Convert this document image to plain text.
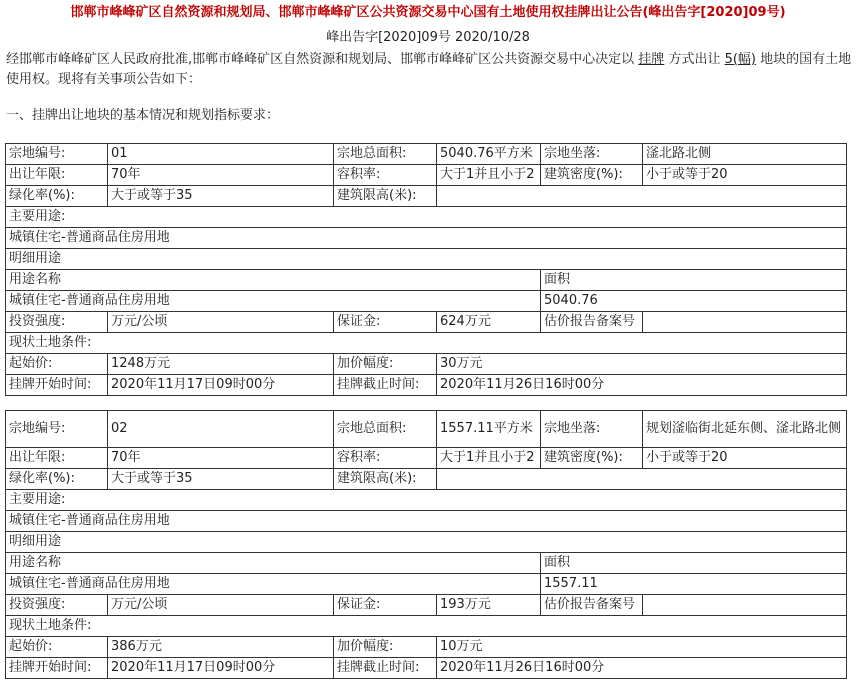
邯郸市峰峰矿区自然资源和规划局、邯郸市峰峰矿区公共资源交易中心国有土地使用权挂牌出让公告(峰出告字[2020]09号)
峰出告字[2020]09号 2020/10/28
经邯郸市峰峰矿区人民政府批准,邯郸市峰峰矿区自然资源和规划局、邯郸市峰峰矿区公共资源交易中心决定以 挂牌 方式出让 5(幅) 地块的国有土地使用权。现将有关事项公告如下：
一、挂牌出让地块的基本情况和规划指标要求：
宗地编号:	01	宗地总面积:	5040.76平方米	宗地坐落:	滏北路北侧
出让年限:	70年	容积率:	大于1并且小于2	建筑密度(%):	小于或等于20
绿化率(%):	大于或等于35	建筑限高(米):			
主要用途:					
城镇住宅-普通商品住房用地					
明细用途					
用途名称				面积	
城镇住宅-普通商品住房用地				5040.76	
投资强度:	万元/公顷	保证金:	624万元	估价报告备案号	
现状土地条件:					
起始价:	1248万元	加价幅度:	30万元		
挂牌开始时间:	2020年11月17日09时00分	挂牌截止时间:	2020年11月26日16时00分		
宗地编号:	02	宗地总面积:	1557.11平方米	宗地坐落:	规划滏临街北延东侧、滏北路北侧
出让年限:	70年	容积率:	大于1并且小于2	建筑密度(%):	小于或等于20
绿化率(%):	大于或等于35	建筑限高(米):			
主要用途:					
城镇住宅-普通商品住房用地					
明细用途					
用途名称				面积	
城镇住宅-普通商品住房用地				1557.11	
投资强度:	万元/公顷	保证金:	193万元	估价报告备案号	
现状土地条件:					
起始价:	386万元	加价幅度:	10万元		
挂牌开始时间:	2020年11月17日09时00分	挂牌截止时间:	2020年11月26日16时00分		
